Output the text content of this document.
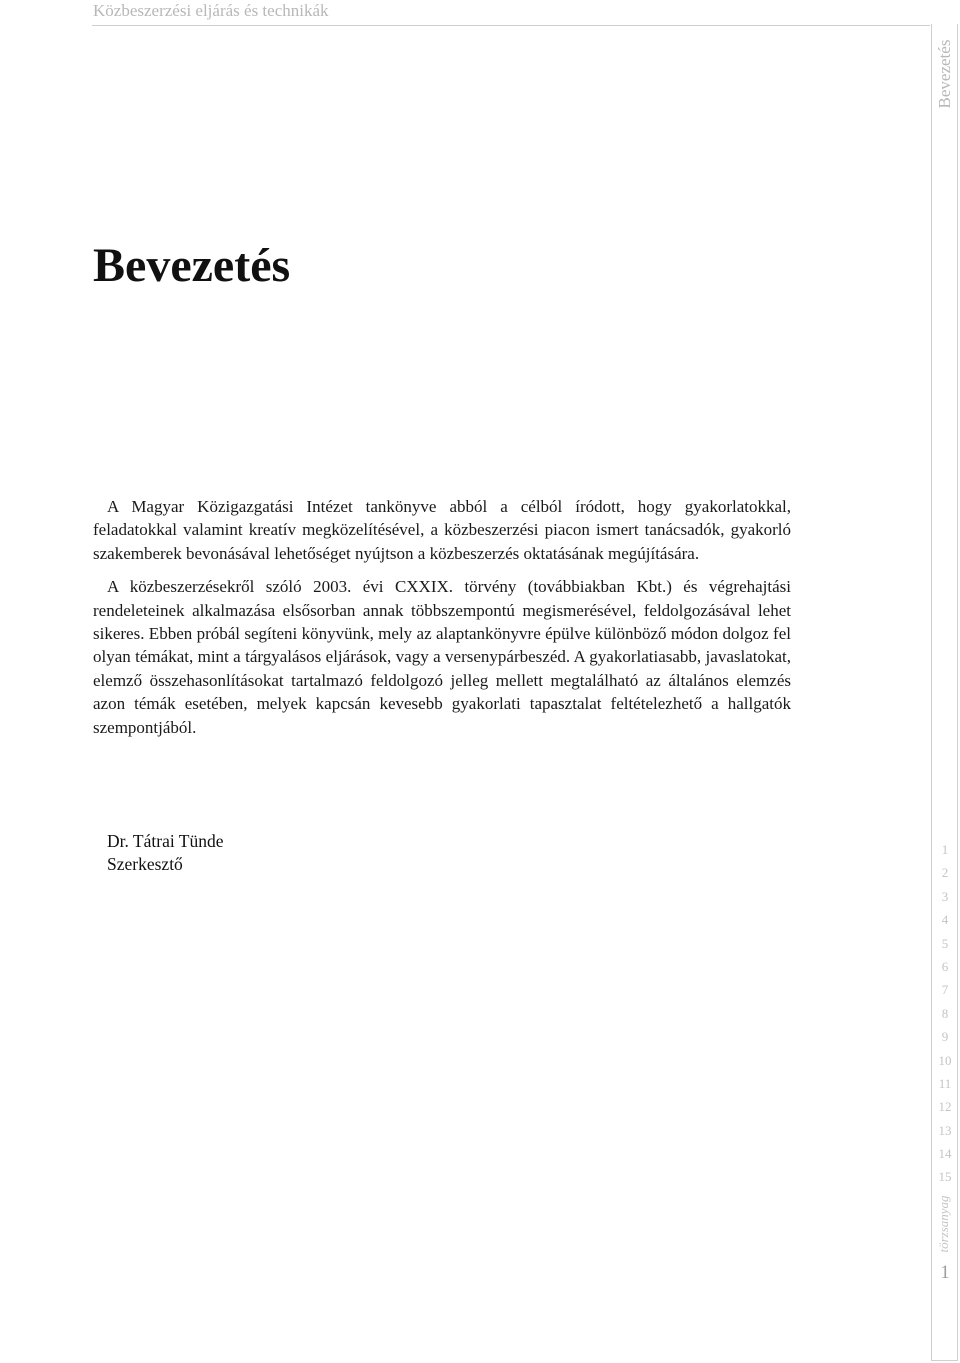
Közbeszerzési eljárás és technikák
Bevezetés
Bevezetés

A Magyar Közigazgatási Intézet tankönyve abból a célból íródott, hogy gyakorlatokkal, feladatokkal valamint kreatív megközelítésével, a közbeszerzési piacon ismert tanácsadók, gyakorló szakemberek bevonásával lehetőséget nyújtson a közbeszerzés oktatásának megújítására.

A közbeszerzésekről szóló 2003. évi CXXIX. törvény (továbbiakban Kbt.) és végrehajtási rendeleteinek alkalmazása elsősorban annak többszempontú megismerésével, feldolgozásával lehet sikeres. Ebben próbál segíteni könyvünk, mely az alaptankönyvre épülve különböző módon dolgoz fel olyan témákat, mint a tárgyalásos eljárások, vagy a versenypárbeszéd. A gyakorlatiasabb, javaslatokat, elemző összehasonlításokat tartalmazó feldolgozó jelleg mellett megtalálható az általános elemzés azon témák esetében, melyek kapcsán kevesebb gyakorlati tapasztalat feltételezhető a hallgatók szempontjából.

Dr. Tátrai Tünde
Szerkesztő
1
2
3
4
5
6
7
8
9
10
11
12
13
14
15
törzsanyag
1
